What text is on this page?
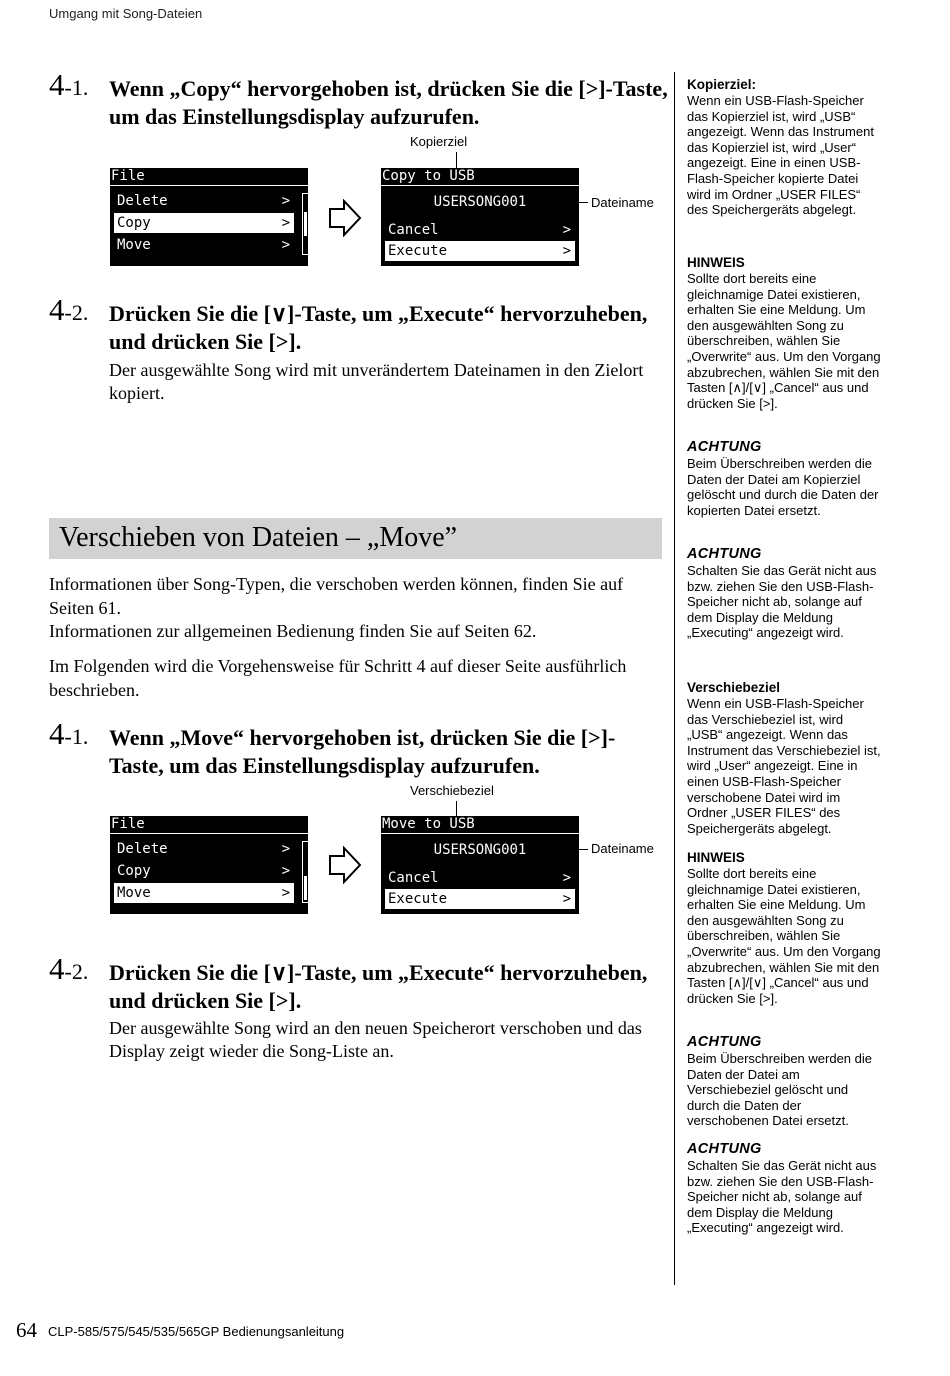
Umgang mit Song-Dateien
4-1. Wenn „Copy“ hervorgehoben ist, drücken Sie die [>]-Taste, um das Einstellungsdisplay aufzurufen.
Kopierziel
File
Delete	>
Copy	>
Move	>
Copy to USB
USERSONG001
Cancel	>
Execute	>
Dateiname
4-2. Drücken Sie die [∨]-Taste, um „Execute“ hervorzuheben, und drücken Sie [>].
Der ausgewählte Song wird mit unverändertem Dateinamen in den Zielort kopiert.
Verschieben von Dateien – „Move”
Informationen über Song-Typen, die verschoben werden können, finden Sie auf Seiten 61.
Informationen zur allgemeinen Bedienung finden Sie auf Seiten 62.
Im Folgenden wird die Vorgehensweise für Schritt 4 auf dieser Seite ausführlich beschrieben.
4-1. Wenn „Move“ hervorgehoben ist, drücken Sie die [>]-Taste, um das Einstellungsdisplay aufzurufen.
Verschiebeziel
File
Delete	>
Copy	>
Move	>
Move to USB
USERSONG001
Cancel	>
Execute	>
Dateiname
4-2. Drücken Sie die [∨]-Taste, um „Execute“ hervorzuheben, und drücken Sie [>].
Der ausgewählte Song wird an den neuen Speicherort verschoben und das Display zeigt wieder die Song-Liste an.
Kopierziel:

Wenn ein USB-Flash-Speicher das Kopierziel ist, wird „USB“ angezeigt. Wenn das Instrument das Kopierziel ist, wird „User“ angezeigt. Eine in einen USB-Flash-Speicher kopierte Datei wird im Ordner „USER FILES“ des Speichergeräts abgelegt.

HINWEIS

Sollte dort bereits eine gleichnamige Datei existieren, erhalten Sie eine Meldung. Um den ausgewählten Song zu überschreiben, wählen Sie „Overwrite“ aus. Um den Vorgang abzubrechen, wählen Sie mit den Tasten [∧]/[∨] „Cancel“ aus und drücken Sie [>].

ACHTUNG

Beim Überschreiben werden die Daten der Datei am Kopierziel gelöscht und durch die Daten der kopierten Datei ersetzt.

ACHTUNG

Schalten Sie das Gerät nicht aus bzw. ziehen Sie den USB-Flash-Speicher nicht ab, solange auf dem Display die Meldung „Executing“ angezeigt wird.

Verschiebeziel

Wenn ein USB-Flash-Speicher das Verschiebeziel ist, wird „USB“ angezeigt. Wenn das Instrument das Verschiebeziel ist, wird „User“ angezeigt. Eine in einen USB-Flash-Speicher verschobene Datei wird im Ordner „USER FILES“ des Speichergeräts abgelegt.

HINWEIS

Sollte dort bereits eine gleichnamige Datei existieren, erhalten Sie eine Meldung. Um den ausgewählten Song zu überschreiben, wählen Sie „Overwrite“ aus. Um den Vorgang abzubrechen, wählen Sie mit den Tasten [∧]/[∨] „Cancel“ aus und drücken Sie [>].

ACHTUNG

Beim Überschreiben werden die Daten der Datei am Verschiebeziel gelöscht und durch die Daten der verschobenen Datei ersetzt.

ACHTUNG

Schalten Sie das Gerät nicht aus bzw. ziehen Sie den USB-Flash-Speicher nicht ab, solange auf dem Display die Meldung „Executing“ angezeigt wird.

64 CLP-585/575/545/535/565GP Bedienungsanleitung
